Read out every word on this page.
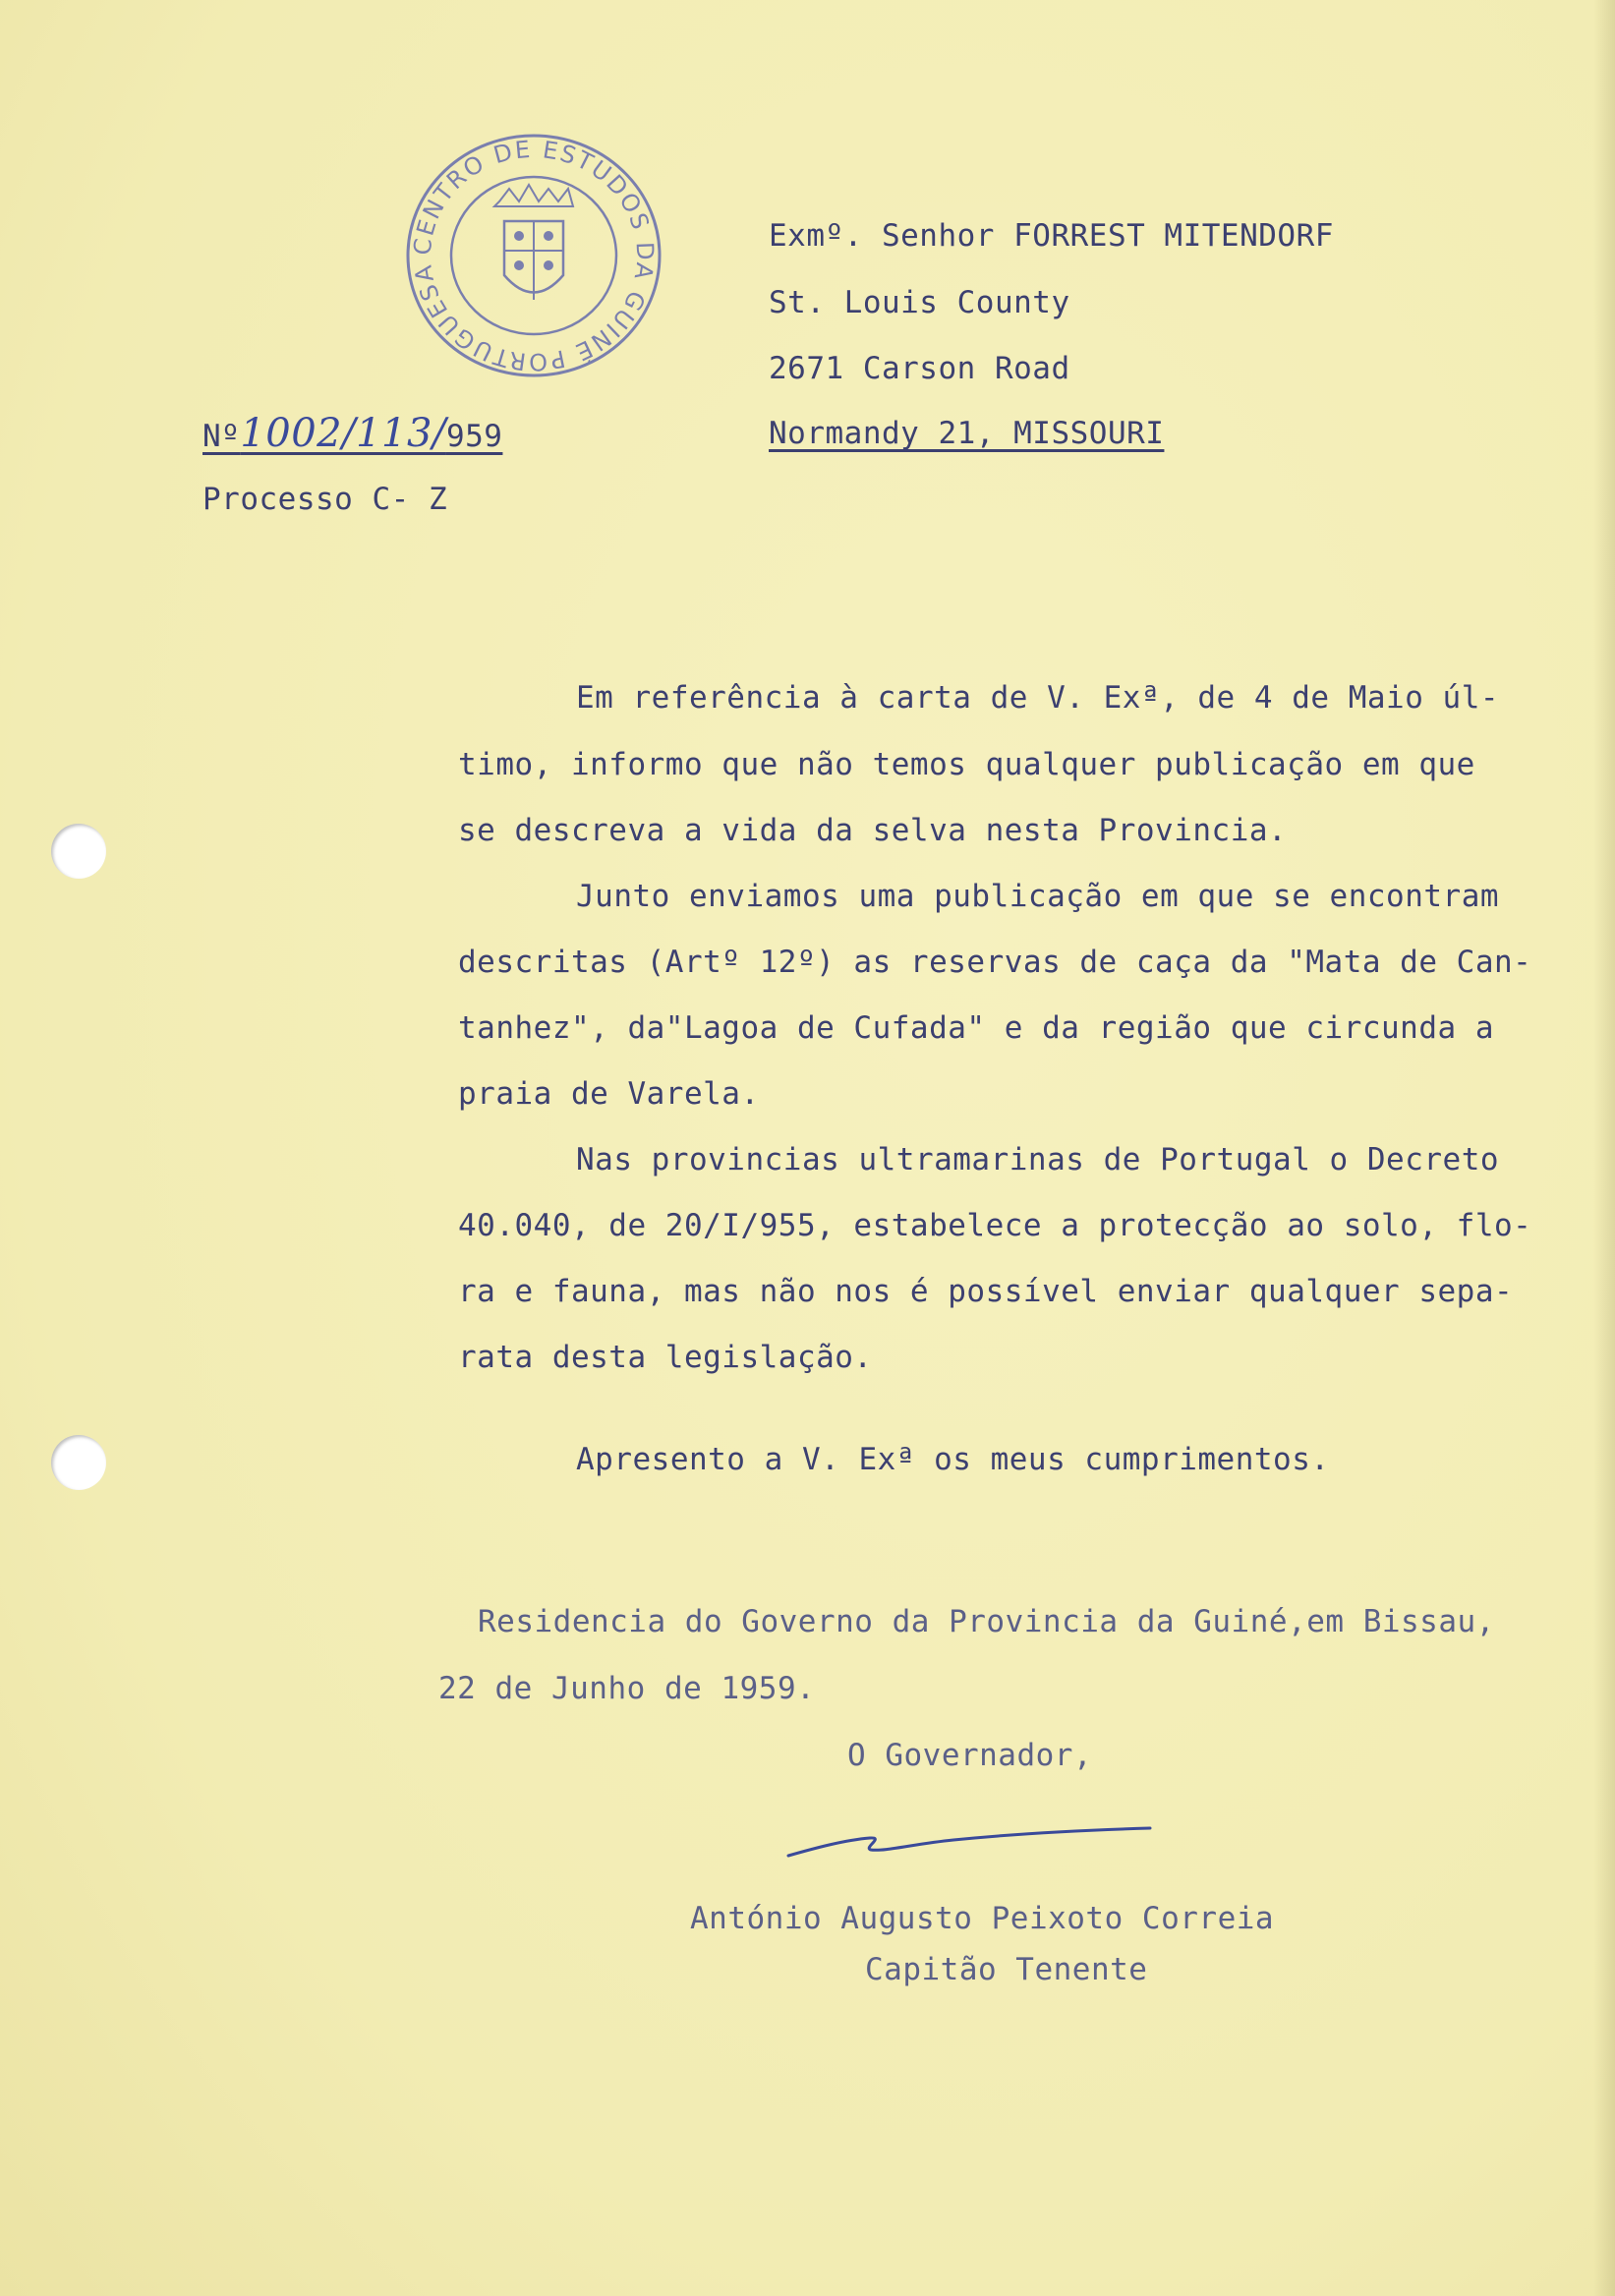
CENTRO DE ESTUDOS DA GUINÉ PORTUGUESA
Exmº. Senhor FORREST MITENDORF
St. Louis County
2671 Carson Road
Normandy 21, MISSOURI
Nº1002/113/959
Processo C- Z
Em referência à carta de V. Exª, de 4 de Maio úl-
timo, informo que não temos qualquer publicação em que
se descreva a vida da selva nesta Provincia.
Junto enviamos uma publicação em que se encontram
descritas (Artº 12º) as reservas de caça da "Mata de Can-
tanhez", da"Lagoa de Cufada" e da região que circunda a
praia de Varela.
Nas provincias ultramarinas de Portugal o Decreto
40.040, de 20/I/955, estabelece a protecção ao solo, flo-
ra e fauna, mas não nos é possível enviar qualquer sepa-
rata desta legislação.
Apresento a V. Exª os meus cumprimentos.
Residencia do Governo da Provincia da Guiné,em Bissau,
22 de Junho de 1959.
O Governador,
António Augusto Peixoto Correia
Capitão Tenente
